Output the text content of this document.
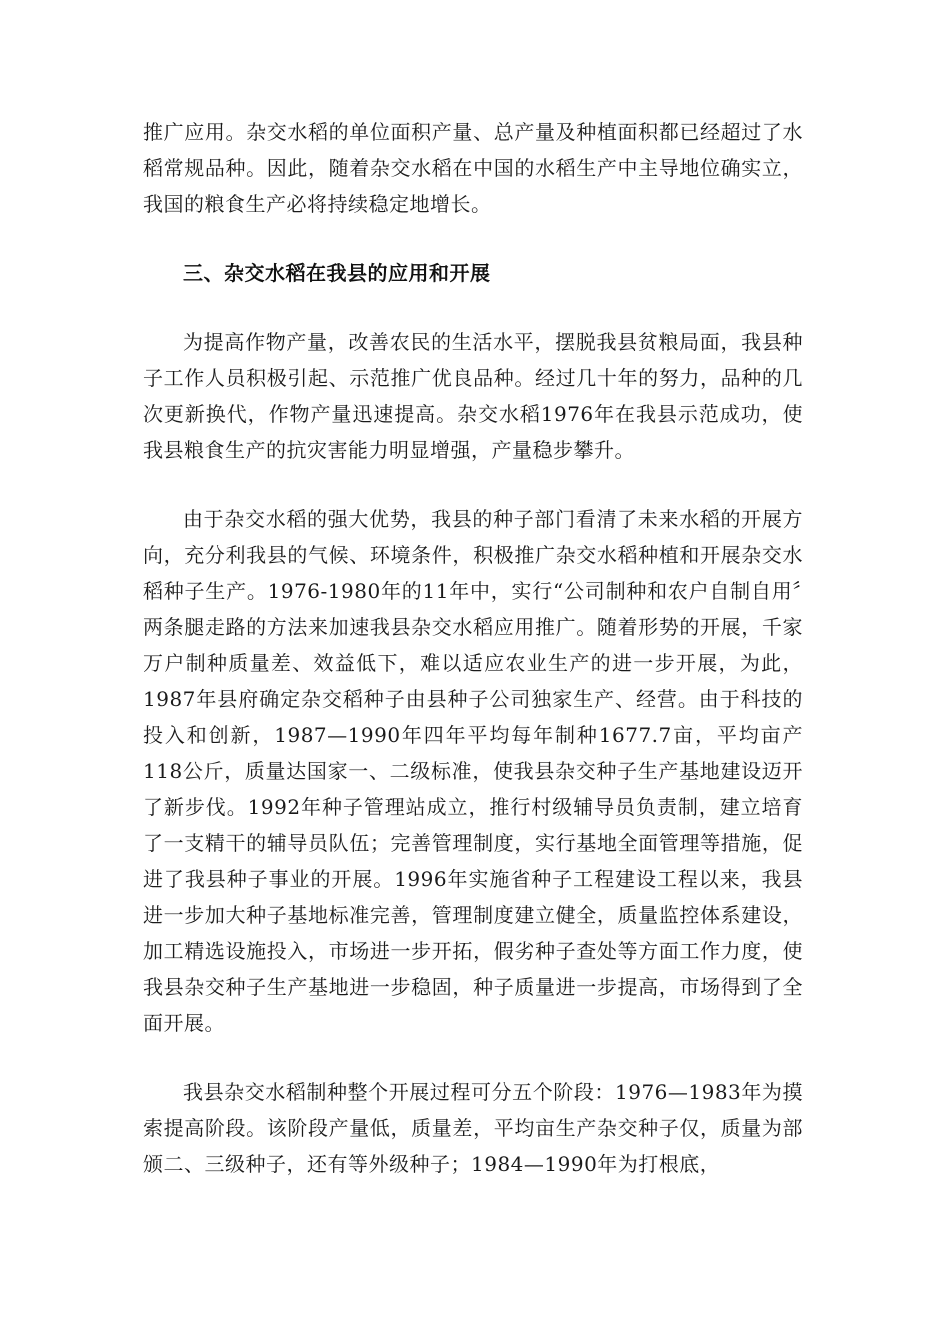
推广应用。杂交水稻的单位面积产量、总产量及种植面积都已经超过了水稻常规品种。因此，随着杂交水稻在中国的水稻生产中主导地位确实立，我国的粮食生产必将持续稳定地增长。

三、杂交水稻在我县的应用和开展

为提高作物产量，改善农民的生活水平，摆脱我县贫粮局面，我县种子工作人员积极引起、示范推广优良品种。经过几十年的努力，品种的几次更新换代，作物产量迅速提高。杂交水稻1976年在我县示范成功，使我县粮食生产的抗灾害能力明显增强，产量稳步攀升。

由于杂交水稻的强大优势，我县的种子部门看清了未来水稻的开展方向，充分利我县的气候、环境条件，积极推广杂交水稻种植和开展杂交水稻种子生产。1976-1980年的11年中，实行“公司制种和农户自制自用〞两条腿走路的方法来加速我县杂交水稻应用推广。随着形势的开展，千家万户制种质量差、效益低下，难以适应农业生产的进一步开展，为此，1987年县府确定杂交稻种子由县种子公司独家生产、经营。由于科技的投入和创新，1987—1990年四年平均每年制种1677.7亩，平均亩产118公斤，质量达国家一、二级标准，使我县杂交种子生产基地建设迈开了新步伐。1992年种子管理站成立，推行村级辅导员负责制，建立培育了一支精干的辅导员队伍；完善管理制度，实行基地全面管理等措施，促进了我县种子事业的开展。1996年实施省种子工程建设工程以来，我县进一步加大种子基地标准完善，管理制度建立健全，质量监控体系建设，加工精选设施投入，市场进一步开拓，假劣种子查处等方面工作力度，使我县杂交种子生产基地进一步稳固，种子质量进一步提高，市场得到了全面开展。

我县杂交水稻制种整个开展过程可分五个阶段：1976—1983年为摸索提高阶段。该阶段产量低，质量差，平均亩生产杂交种子仅，质量为部颁二、三级种子，还有等外级种子；1984—1990年为打根底，
